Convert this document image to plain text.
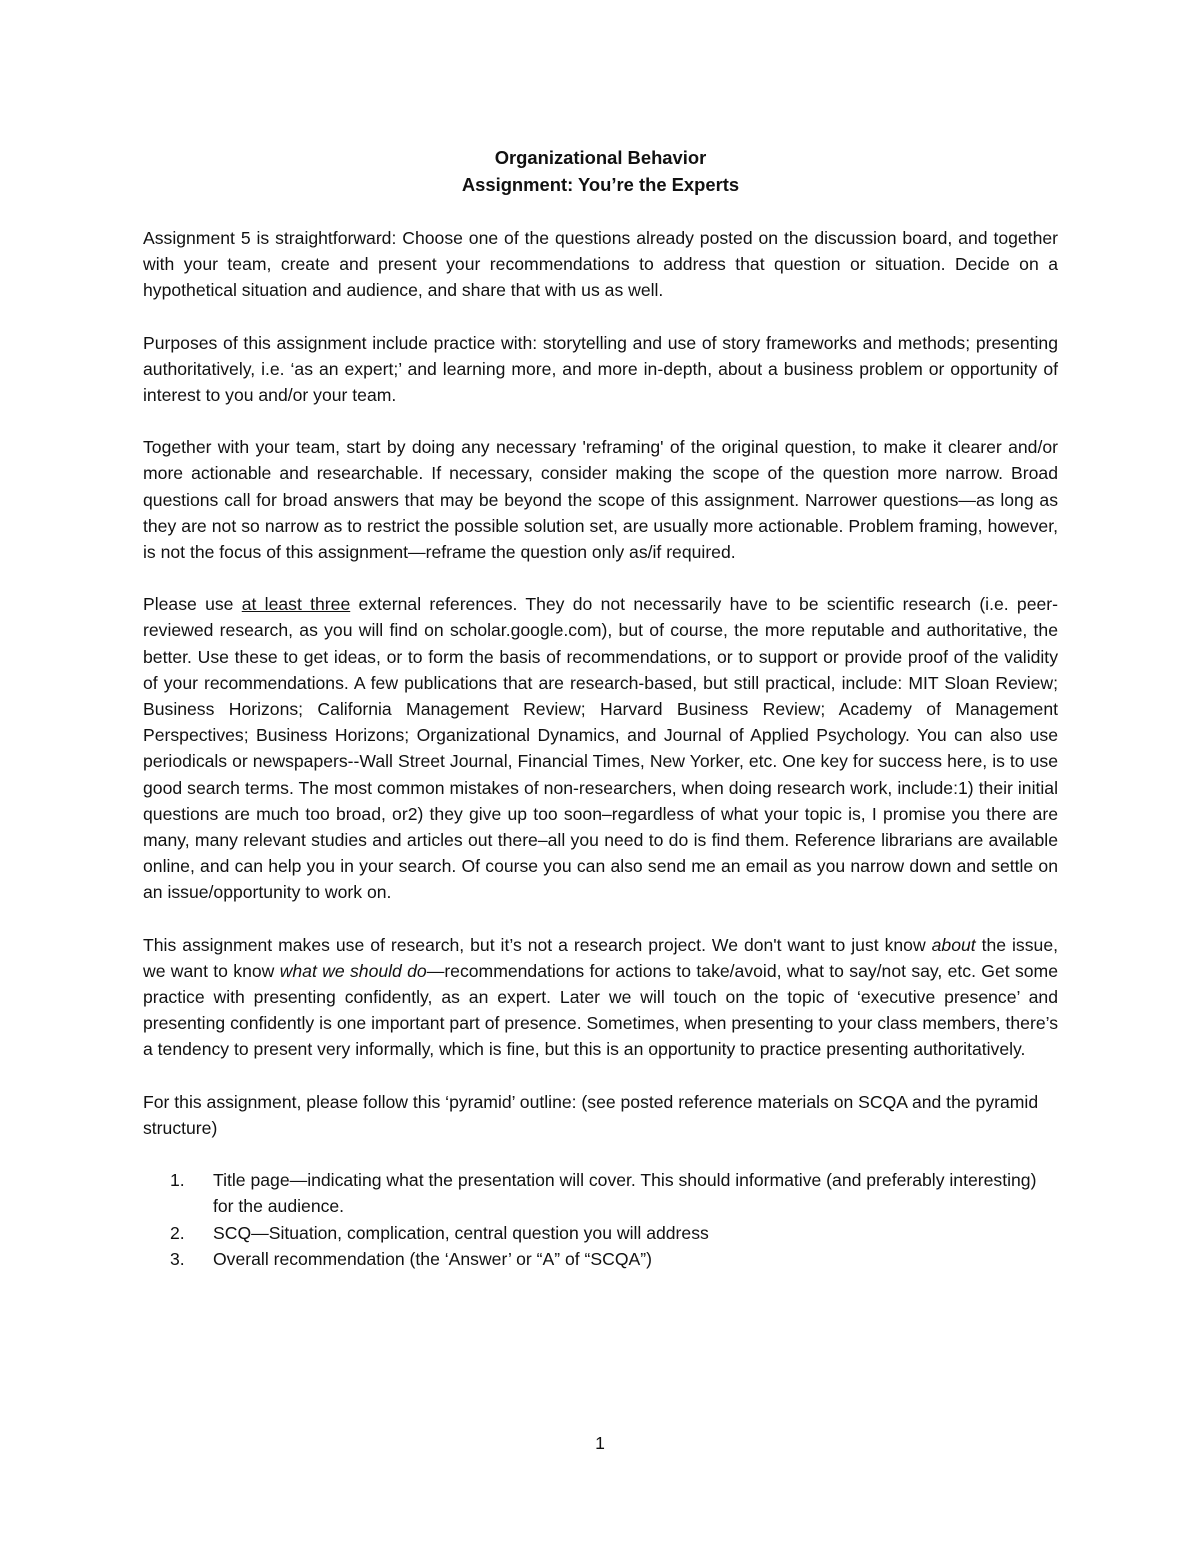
Organizational Behavior
Assignment: You’re the Experts

Assignment 5 is straightforward: Choose one of the questions already posted on the discussion board, and together with your team, create and present your recommendations to address that question or situation. Decide on a hypothetical situation and audience, and share that with us as well.

Purposes of this assignment include practice with: storytelling and use of story frameworks and methods; presenting authoritatively, i.e. ‘as an expert;’ and learning more, and more in-depth, about a business problem or opportunity of interest to you and/or your team.

Together with your team, start by doing any necessary 'reframing' of the original question, to make it clearer and/or more actionable and researchable. If necessary, consider making the scope of the question more narrow. Broad questions call for broad answers that may be beyond the scope of this assignment. Narrower questions—as long as they are not so narrow as to restrict the possible solution set, are usually more actionable. Problem framing, however, is not the focus of this assignment—reframe the question only as/if required.

Please use at least three external references. They do not necessarily have to be scientific research (i.e. peer-reviewed research, as you will find on scholar.google.com), but of course, the more reputable and authoritative, the better. Use these to get ideas, or to form the basis of recommendations, or to support or provide proof of the validity of your recommendations. A few publications that are research-based, but still practical, include: MIT Sloan Review; Business Horizons; California Management Review; Harvard Business Review; Academy of Management Perspectives; Business Horizons; Organizational Dynamics, and Journal of Applied Psychology. You can also use periodicals or newspapers--Wall Street Journal, Financial Times, New Yorker, etc. One key for success here, is to use good search terms. The most common mistakes of non-researchers, when doing research work, include:1) their initial questions are much too broad, or2) they give up too soon–regardless of what your topic is, I promise you there are many, many relevant studies and articles out there–all you need to do is find them. Reference librarians are available online, and can help you in your search. Of course you can also send me an email as you narrow down and settle on an issue/opportunity to work on.

This assignment makes use of research, but it’s not a research project. We don't want to just know about the issue, we want to know what we should do—recommendations for actions to take/avoid, what to say/not say, etc. Get some practice with presenting confidently, as an expert. Later we will touch on the topic of ‘executive presence’ and presenting confidently is one important part of presence. Sometimes, when presenting to your class members, there’s a tendency to present very informally, which is fine, but this is an opportunity to practice presenting authoritatively.

For this assignment, please follow this ‘pyramid’ outline: (see posted reference materials on SCQA and the pyramid structure)

1. Title page—indicating what the presentation will cover. This should informative (and preferably interesting) for the audience.
2. SCQ—Situation, complication, central question you will address
3. Overall recommendation (the ‘Answer’ or “A” of “SCQA”)
1
